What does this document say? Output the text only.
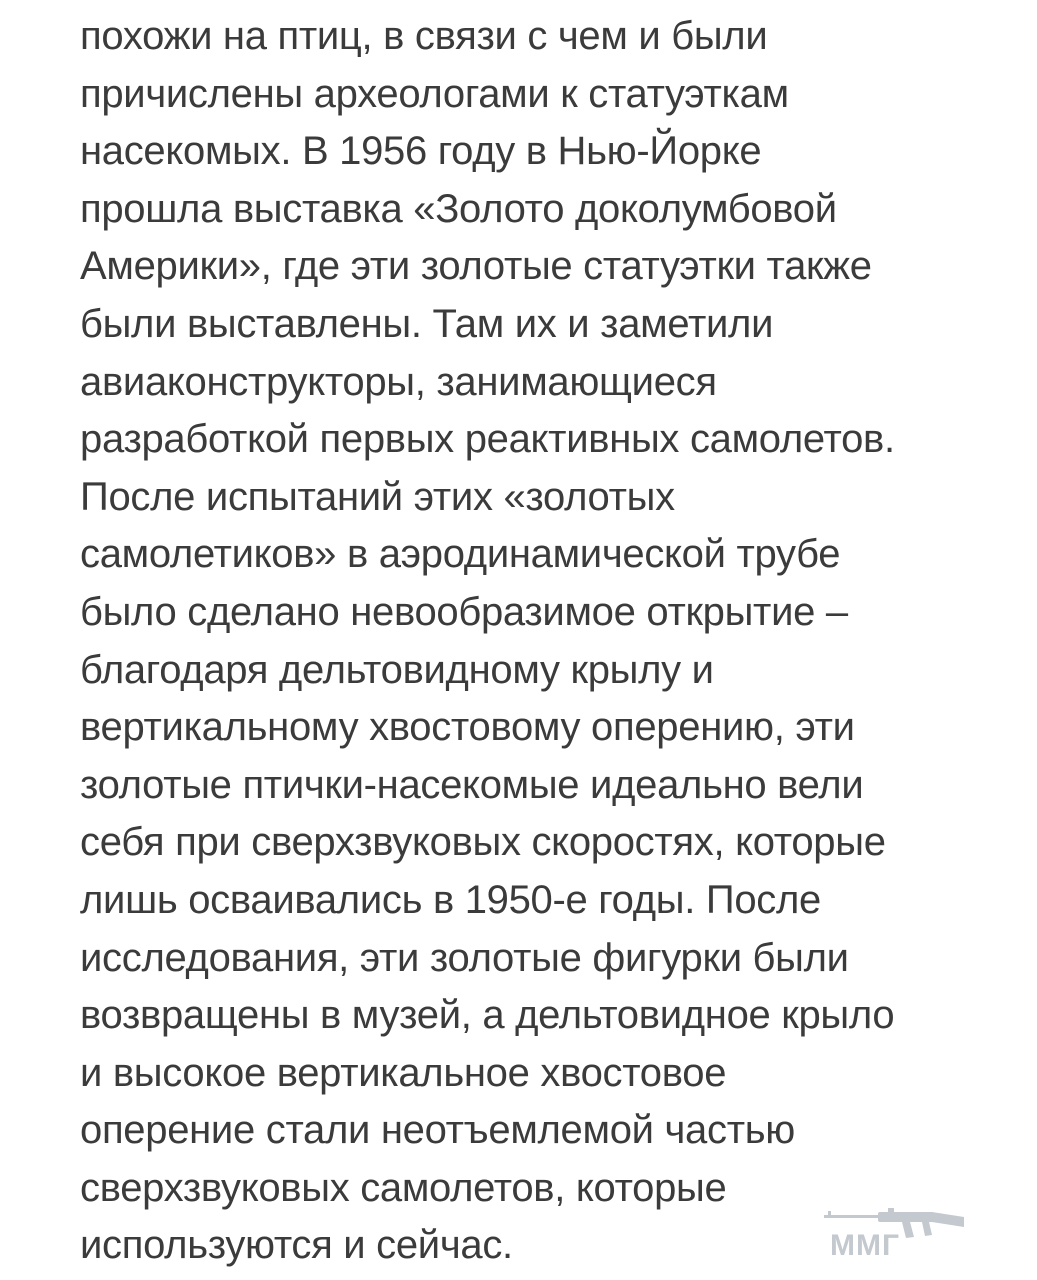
похожи на птиц, в связи с чем и были
причислены археологами к статуэткам
насекомых. В 1956 году в Нью-Йорке
прошла выставка «Золото доколумбовой
Америки», где эти золотые статуэтки также
были выставлены. Там их и заметили
авиаконструкторы, занимающиеся
разработкой первых реактивных самолетов.
После испытаний этих «золотых
самолетиков» в аэродинамической трубе
было сделано невообразимое открытие –
благодаря дельтовидному крылу и
вертикальному хвостовому оперению, эти
золотые птички-насекомые идеально вели
себя при сверхзвуковых скоростях, которые
лишь осваивались в 1950-е годы. После
исследования, эти золотые фигурки были
возвращены в музей, а дельтовидное крыло
и высокое вертикальное хвостовое
оперение стали неотъемлемой частью
сверхзвуковых самолетов, которые
используются и сейчас.	ММГ
